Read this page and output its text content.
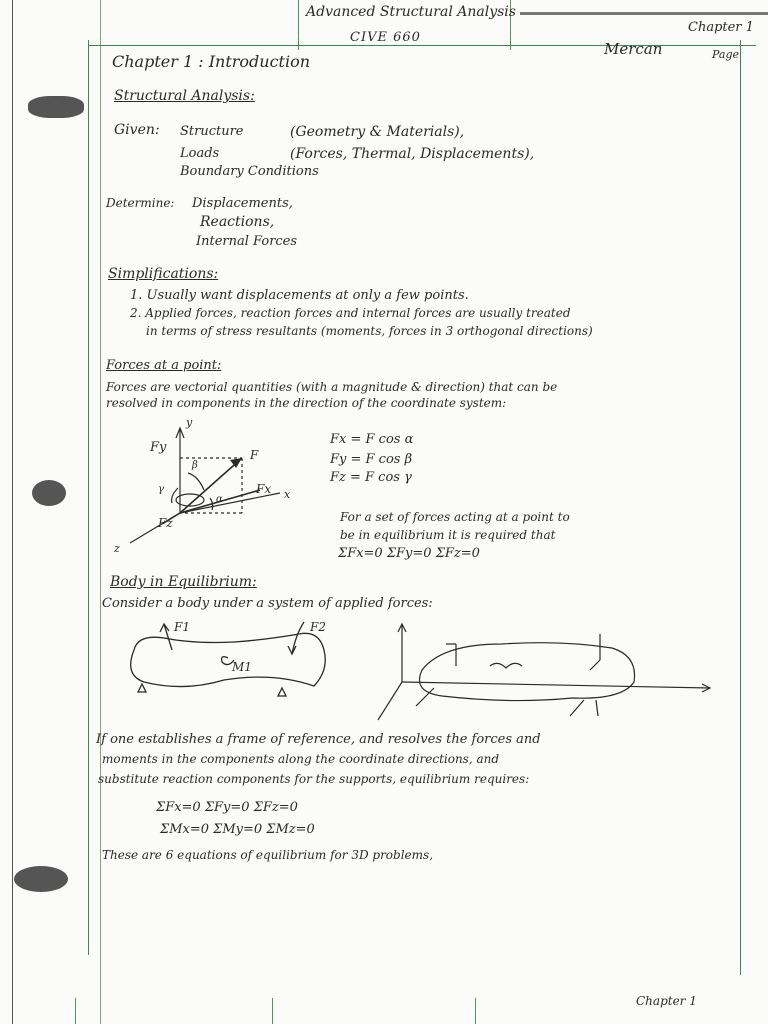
Advanced Structural Analysis
CIVE 660
Chapter 1
Mercan	Page
Chapter 1 : Introduction
Structural Analysis:
Given: Structure	(Geometry & Materials),
Loads	(Forces, Thermal, Displacements),
Boundary Conditions
Determine: Displacements,
Reactions,
Internal Forces
Simplifications:
1. Usually want displacements at only a few points.
2. Applied forces, reaction forces and internal forces are usually treated
in terms of stress resultants (moments, forces in 3 orthogonal directions)
Forces at a point:
Forces are vectorial quantities (with a magnitude & direction) that can be
resolved in components in the direction of the coordinate system:
Fy
y
F
Fx x
Fz
z
β
γ
α
Fx = F cos α
Fy = F cos β
Fz = F cos γ
For a set of forces acting at a point to
be in equilibrium it is required that
ΣFx=0 ΣFy=0 ΣFz=0
Body in Equilibrium:
Consider a body under a system of applied forces:
F1	F2
M1
If one establishes a frame of reference, and resolves the forces and
moments in the components along the coordinate directions, and
substitute reaction components for the supports, equilibrium requires:
ΣFx=0 ΣFy=0 ΣFz=0
ΣMx=0 ΣMy=0 ΣMz=0
These are 6 equations of equilibrium for 3D problems,
Chapter 1
